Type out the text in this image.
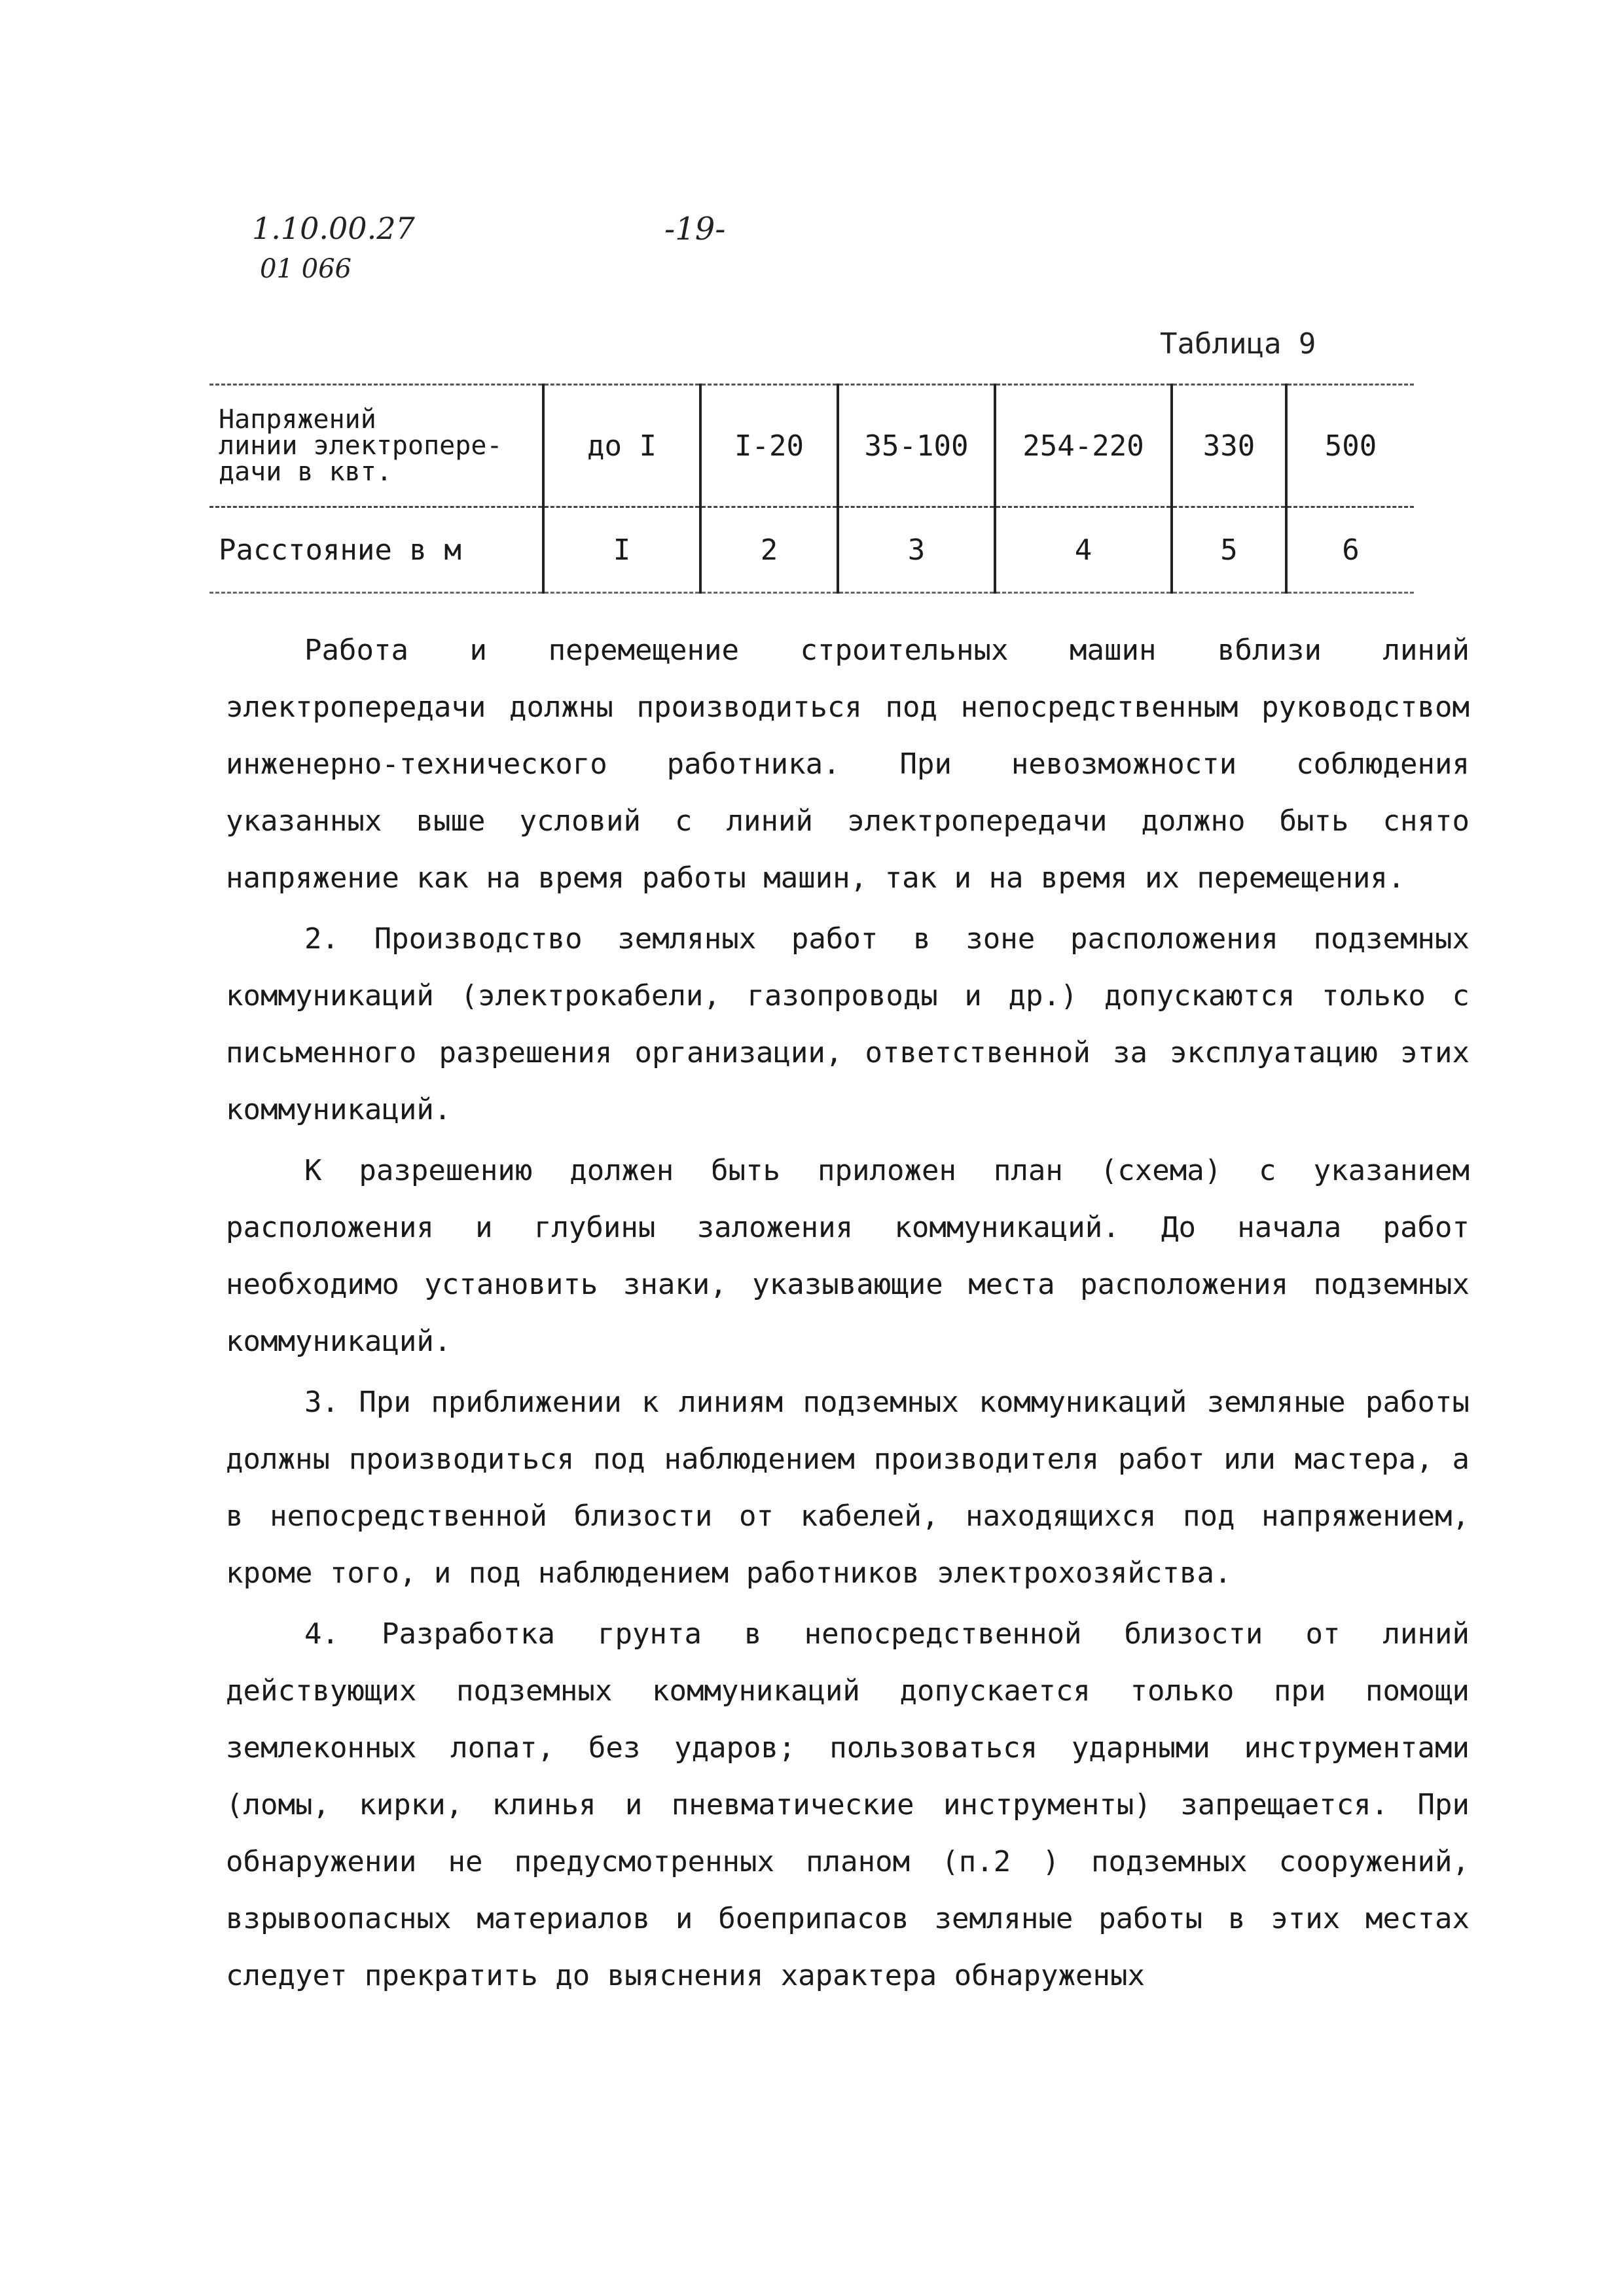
1.10.00.27
01 066
-19-
Таблица 9
Напряжений
линии электропере-
дачи в квт.	до I	I-20	35-100	254-220	330	500
Расстояние в м	I	2	3	4	5	6

Работа и перемещение строительных машин вблизи линий электропередачи должны производиться под непосредственным руководством инженерно-технического работника. При невозможности соблюдения указанных выше условий с линий электропередачи должно быть снято напряжение как на время работы машин, так и на время их перемещения.

2. Производство земляных работ в зоне расположения подземных коммуникаций (электрокабели, газопроводы и др.) допускаются только с письменного разрешения организации, ответственной за эксплуатацию этих коммуникаций.

К разрешению должен быть приложен план (схема) с указанием расположения и глубины заложения коммуникаций. До начала работ необходимо установить знаки, указывающие места расположения подземных коммуникаций.

3. При приближении к линиям подземных коммуникаций земляные работы должны производиться под наблюдением производителя работ или мастера, а в непосредственной близости от кабелей, находящихся под напряжением, кроме того, и под наблюдением работников электрохозяйства.

4. Разработка грунта в непосредственной близости от линий действующих подземных коммуникаций допускается только при помощи землеконных лопат, без ударов; пользоваться ударными инструментами (ломы, кирки, клинья и пневматические инструменты) запрещается. При обнаружении не предусмотренных планом (п.2 ) подземных сооружений, взрывоопасных материалов и боеприпасов земляные работы в этих местах следует прекратить до выяснения характера обнаруженых
